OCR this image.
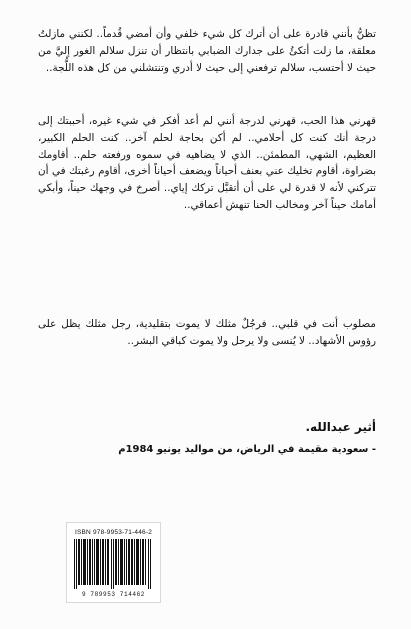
تظنُّ بأنني قادرة على أن أترك كل شيء خلفي وأن أمضي قُدماً.. لكنني مازلتُ معلقة، ما زلت أتكئُ على جدارك الضبابي بانتظار أن تنزل سلالم الغور إليَّ من حيث لا أحتسب، سلالم ترفعني إلى حيث لا أدري وتنتشلني من كل هذه اللُّجة..

قهرني هذا الحب، قهرني لدرجة أنني لم أعد أفكر في شيء غيره، أحببتك إلى درجة أنك كنت كل أحلامي.. لم أكن بحاجة لحلم آخر.. كنت الحلم الكبير، العظيم، الشهي، المطمئن.. الذي لا يضاهيه في سموه ورفعته حلم.. أقاومك بضراوة، أقاوم تخليك عني بعنف أحياناً ويضعف أحياناً أخرى، أقاوم رغبتك في أن تتركني لأنه لا قدرة لي على أن أتقبَّل تركك إياي.. أصرخ في وجهك حيناً، وأبكي أمامك حيناً آخر ومخالب الحنا تنهش أعماقي..

مصلوب أنت في قلبي.. فرجُلٌ مثلك لا يموت بتقليدية، رجل مثلك يظل على رؤوس الأشهاد.. لا يُنسى ولا يرحل ولا يموت كباقي البشر..

أثير عبدالله.
- سعودية مقيمة في الرياض، من مواليد يونيو 1984م
ISBN 978-9953-71-446-2
9 789953 714462
